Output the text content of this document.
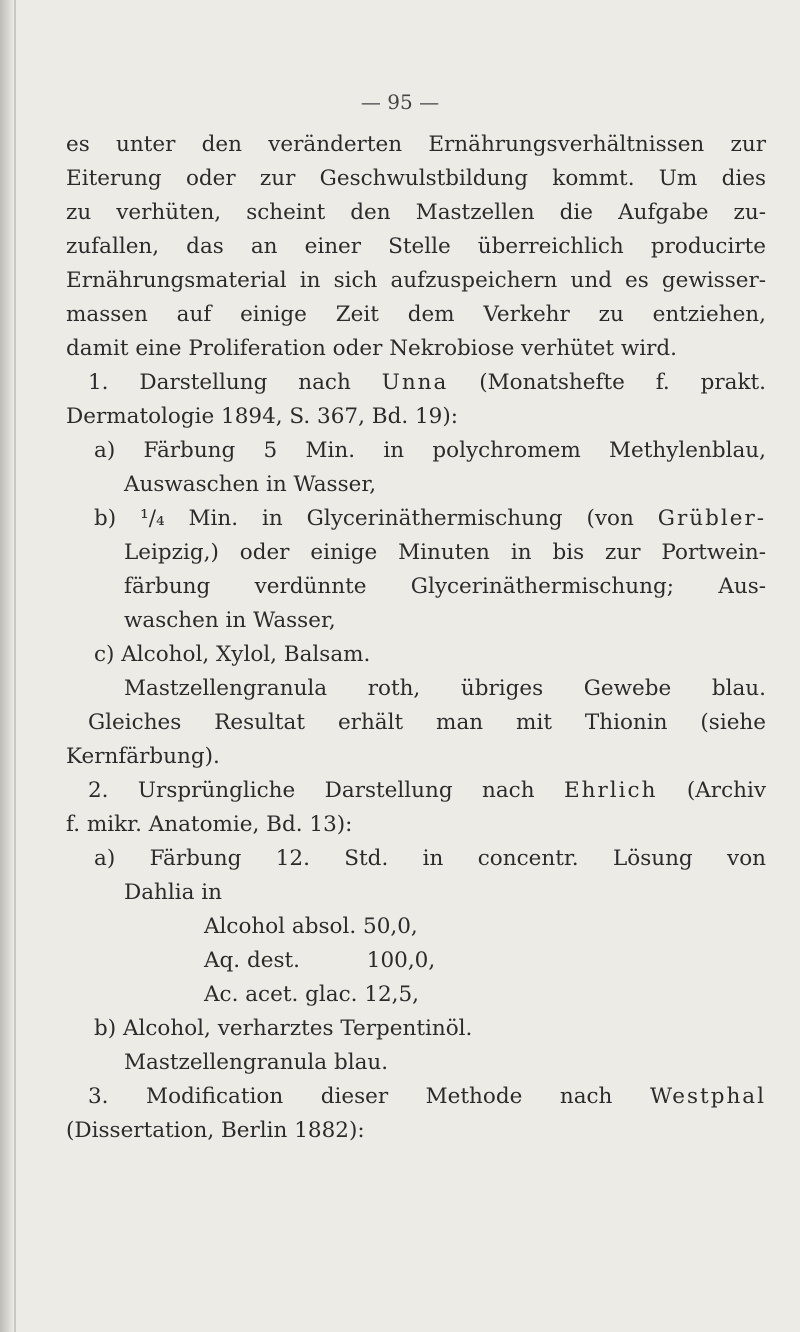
— 95 —
es unter den veränderten Ernährungsverhältnissen zur
Eiterung oder zur Geschwulstbildung kommt. Um dies
zu verhüten, scheint den Mastzellen die Aufgabe zu-
zufallen, das an einer Stelle überreichlich producirte
Ernährungsmaterial in sich aufzuspeichern und es gewisser-
massen auf einige Zeit dem Verkehr zu entziehen,
damit eine Proliferation oder Nekrobiose verhütet wird.
1. Darstellung nach Unna (Monatshefte f. prakt.
Dermatologie 1894, S. 367, Bd. 19):
a) Färbung 5 Min. in polychromem Methylenblau,
Auswaschen in Wasser,
b) ¹/₄ Min. in Glycerinäthermischung (von Grübler-
Leipzig,) oder einige Minuten in bis zur Portwein-
färbung verdünnte Glycerinäthermischung; Aus-
waschen in Wasser,
c) Alcohol, Xylol, Balsam.
Mastzellengranula roth, übriges Gewebe blau.
Gleiches Resultat erhält man mit Thionin (siehe
Kernfärbung).
2. Ursprüngliche Darstellung nach Ehrlich (Archiv
f. mikr. Anatomie, Bd. 13):
a) Färbung 12. Std. in concentr. Lösung von
Dahlia in
Alcohol absol. 50,0,
Aq. dest.	100,0,
Ac. acet. glac. 12,5,
b) Alcohol, verharztes Terpentinöl.
Mastzellengranula blau.
3. Modification dieser Methode nach Westphal
(Dissertation, Berlin 1882):
